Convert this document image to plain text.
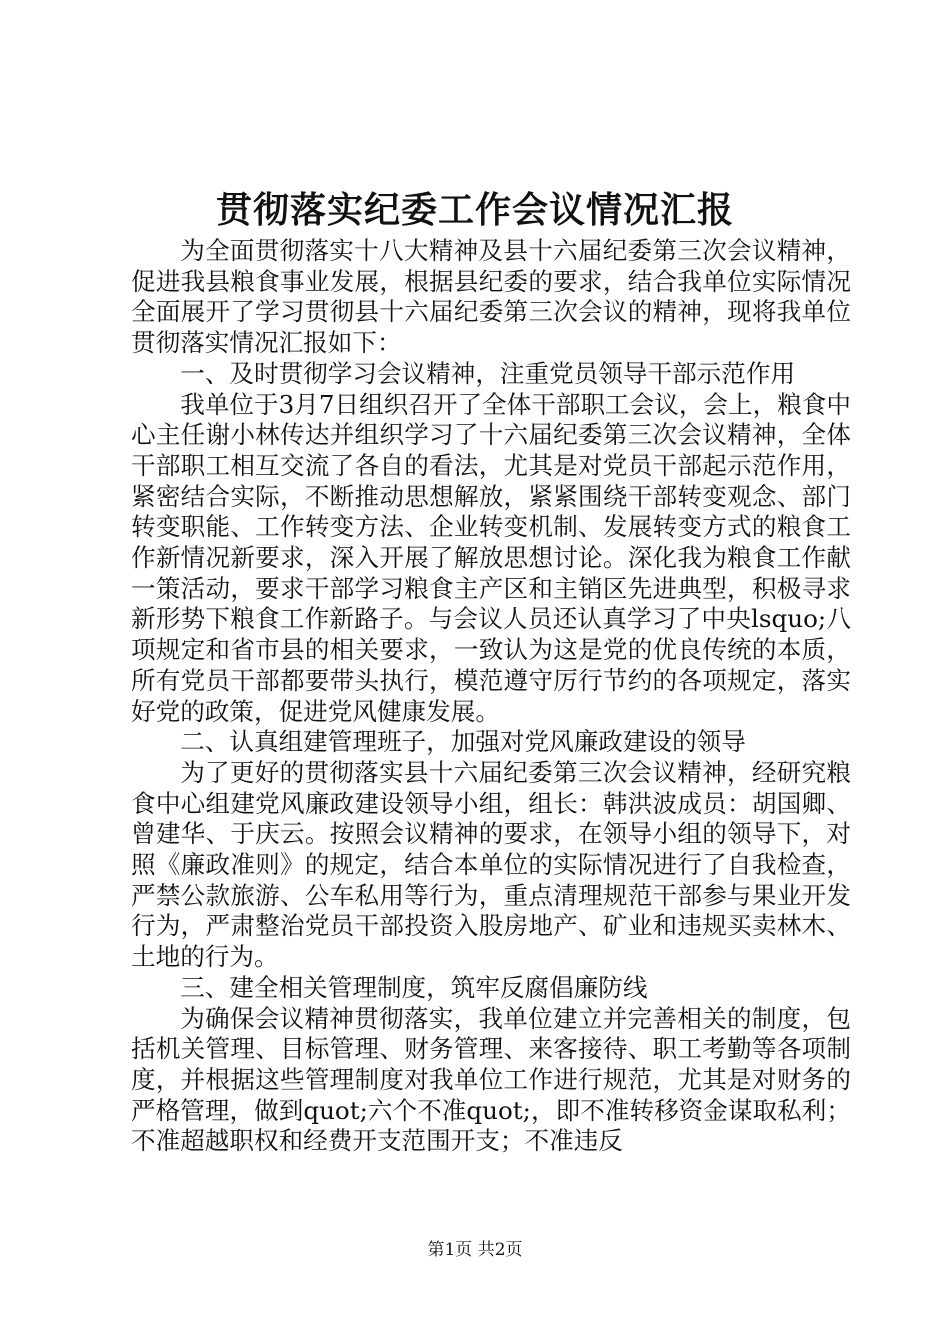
贯彻落实纪委工作会议情况汇报

为全面贯彻落实十八大精神及县十六届纪委第三次会议精神，促进我县粮食事业发展，根据县纪委的要求，结合我单位实际情况全面展开了学习贯彻县十六届纪委第三次会议的精神，现将我单位贯彻落实情况汇报如下：

一、及时贯彻学习会议精神，注重党员领导干部示范作用

我单位于3月7日组织召开了全体干部职工会议，会上，粮食中心主任谢小林传达并组织学习了十六届纪委第三次会议精神，全体干部职工相互交流了各自的看法，尤其是对党员干部起示范作用，紧密结合实际，不断推动思想解放，紧紧围绕干部转变观念、部门转变职能、工作转变方法、企业转变机制、发展转变方式的粮食工作新情况新要求，深入开展了解放思想讨论。深化我为粮食工作献一策活动，要求干部学习粮食主产区和主销区先进典型，积极寻求新形势下粮食工作新路子。与会议人员还认真学习了中央lsquo;八项规定和省市县的相关要求，一致认为这是党的优良传统的本质，所有党员干部都要带头执行，模范遵守厉行节约的各项规定，落实好党的政策，促进党风健康发展。

二、认真组建管理班子，加强对党风廉政建设的领导

为了更好的贯彻落实县十六届纪委第三次会议精神，经研究粮食中心组建党风廉政建设领导小组，组长：韩洪波成员：胡国卿、曾建华、于庆云。按照会议精神的要求，在领导小组的领导下，对照《廉政准则》的规定，结合本单位的实际情况进行了自我检查，严禁公款旅游、公车私用等行为，重点清理规范干部参与果业开发行为，严肃整治党员干部投资入股房地产、矿业和违规买卖林木、土地的行为。

三、建全相关管理制度，筑牢反腐倡廉防线

为确保会议精神贯彻落实，我单位建立并完善相关的制度，包括机关管理、目标管理、财务管理、来客接待、职工考勤等各项制度，并根据这些管理制度对我单位工作进行规范，尤其是对财务的严格管理，做到quot;六个不准quot;，即不准转移资金谋取私利；不准超越职权和经费开支范围开支；不准违反

第1页 共2页
